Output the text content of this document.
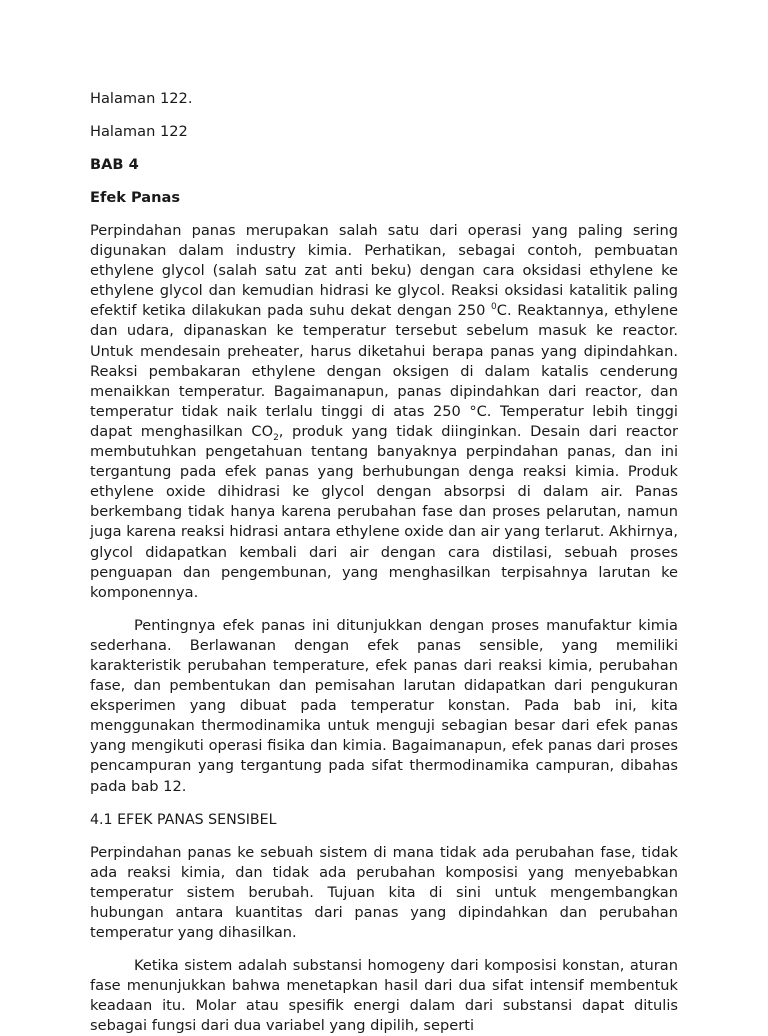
Halaman 122.

Halaman 122

BAB 4

Efek Panas

Perpindahan panas merupakan salah satu dari operasi yang paling sering digunakan dalam industry kimia. Perhatikan, sebagai contoh, pembuatan ethylene glycol (salah satu zat anti beku) dengan cara oksidasi ethylene ke ethylene glycol dan kemudian hidrasi ke glycol. Reaksi oksidasi katalitik paling efektif ketika dilakukan pada suhu dekat dengan 250 $^0$C. Reaktannya, ethylene dan udara, dipanaskan ke temperatur tersebut sebelum masuk ke reactor. Untuk mendesain preheater, harus diketahui berapa panas yang dipindahkan. Reaksi pembakaran ethylene dengan oksigen di dalam katalis cenderung menaikkan temperatur. Bagaimanapun, panas dipindahkan dari reactor, dan temperatur tidak naik terlalu tinggi di atas 250 °C. Temperatur lebih tinggi dapat menghasilkan $CO_2$, produk yang tidak diinginkan. Desain dari reactor membutuhkan pengetahuan tentang banyaknya perpindahan panas, dan ini tergantung pada efek panas yang berhubungan denga reaksi kimia. Produk ethylene oxide dihidrasi ke glycol dengan absorpsi di dalam air. Panas berkembang tidak hanya karena perubahan fase dan proses pelarutan, namun juga karena reaksi hidrasi antara ethylene oxide dan air yang terlarut. Akhirnya, glycol didapatkan kembali dari air dengan cara distilasi, sebuah proses penguapan dan pengembunan, yang menghasilkan terpisahnya larutan ke komponennya.

Pentingnya efek panas ini ditunjukkan dengan proses manufaktur kimia sederhana. Berlawanan dengan efek panas sensible, yang memiliki karakteristik perubahan temperature, efek panas dari reaksi kimia, perubahan fase, dan pembentukan dan pemisahan larutan didapatkan dari pengukuran eksperimen yang dibuat pada temperatur konstan. Pada bab ini, kita menggunakan thermodinamika untuk menguji sebagian besar dari efek panas yang mengikuti operasi fisika dan kimia. Bagaimanapun, efek panas dari proses pencampuran yang tergantung pada sifat thermodinamika campuran, dibahas pada bab 12.

4.1 EFEK PANAS SENSIBEL

Perpindahan panas ke sebuah sistem di mana tidak ada perubahan fase, tidak ada reaksi kimia, dan tidak ada perubahan komposisi yang menyebabkan temperatur sistem berubah. Tujuan kita di sini untuk mengembangkan hubungan antara kuantitas dari panas yang dipindahkan dan perubahan temperatur yang dihasilkan.

Ketika sistem adalah substansi homogeny dari komposisi konstan, aturan fase menunjukkan bahwa menetapkan hasil dari dua sifat intensif membentuk keadaan itu. Molar atau spesifik energi dalam dari substansi dapat ditulis sebagai fungsi dari dua variabel yang dipilih, seperti
